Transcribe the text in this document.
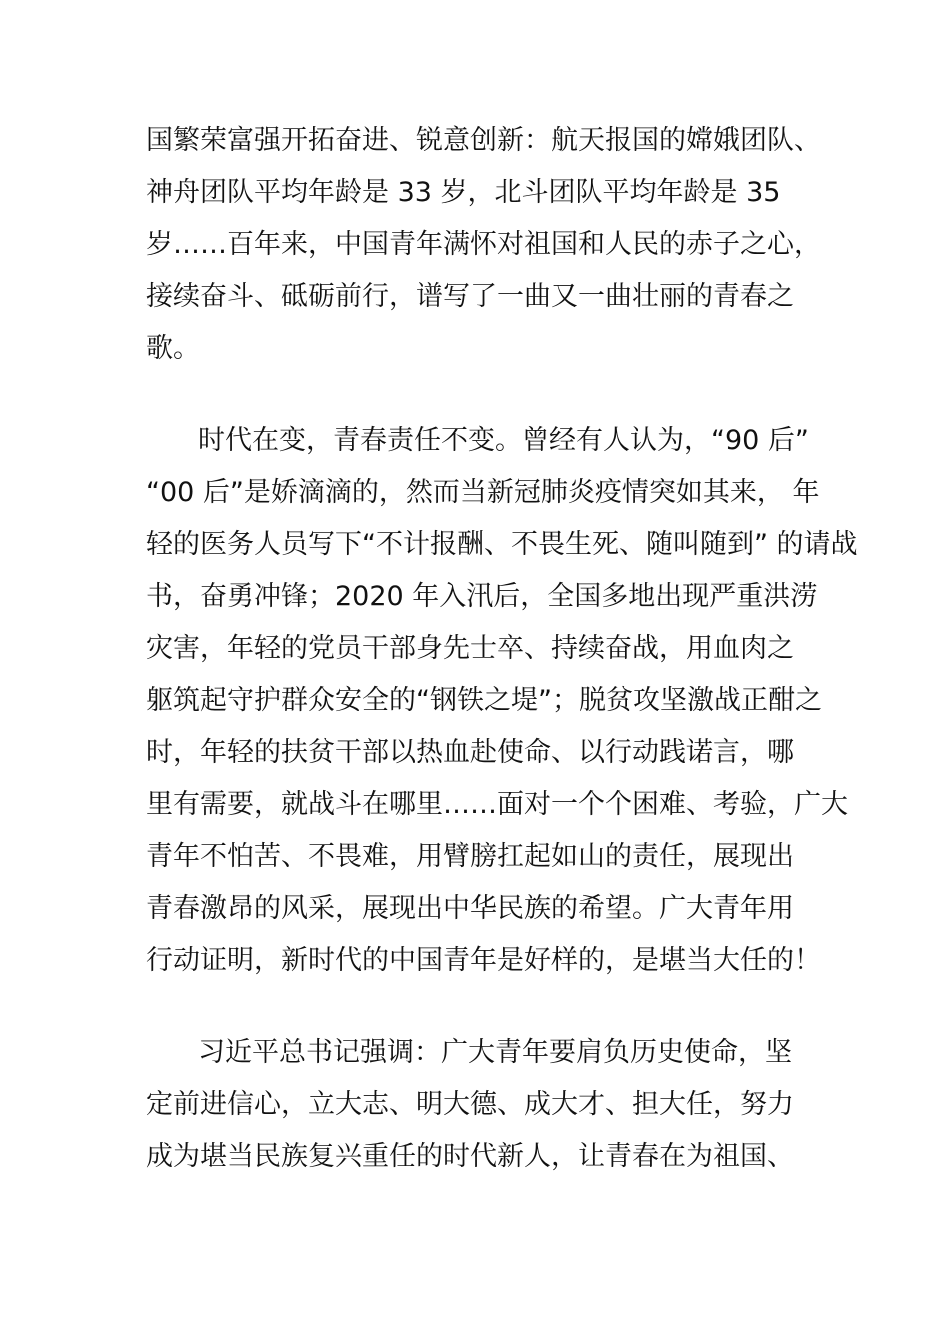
国繁荣富强开拓奋进、锐意创新：航天报国的嫦娥团队、
神舟团队平均年龄是 33 岁，北斗团队平均年龄是 35
岁……百年来，中国青年满怀对祖国和人民的赤子之心，
接续奋斗、砥砺前行，谱写了一曲又一曲壮丽的青春之
歌。
时代在变，青春责任不变。曾经有人认为，“90 后”
“00 后”是娇滴滴的，然而当新冠肺炎疫情突如其来， 年
轻的医务人员写下“不计报酬、不畏生死、随叫随到” 的请战
书，奋勇冲锋；2020 年入汛后，全国多地出现严重洪涝
灾害，年轻的党员干部身先士卒、持续奋战，用血肉之
躯筑起守护群众安全的“钢铁之堤”；脱贫攻坚激战正酣之
时，年轻的扶贫干部以热血赴使命、以行动践诺言，哪
里有需要，就战斗在哪里……面对一个个困难、考验，广大
青年不怕苦、不畏难，用臂膀扛起如山的责任，展现出
青春激昂的风采，展现出中华民族的希望。广大青年用
行动证明，新时代的中国青年是好样的，是堪当大任的！
习近平总书记强调：广大青年要肩负历史使命，坚
定前进信心，立大志、明大德、成大才、担大任，努力
成为堪当民族复兴重任的时代新人，让青春在为祖国、
